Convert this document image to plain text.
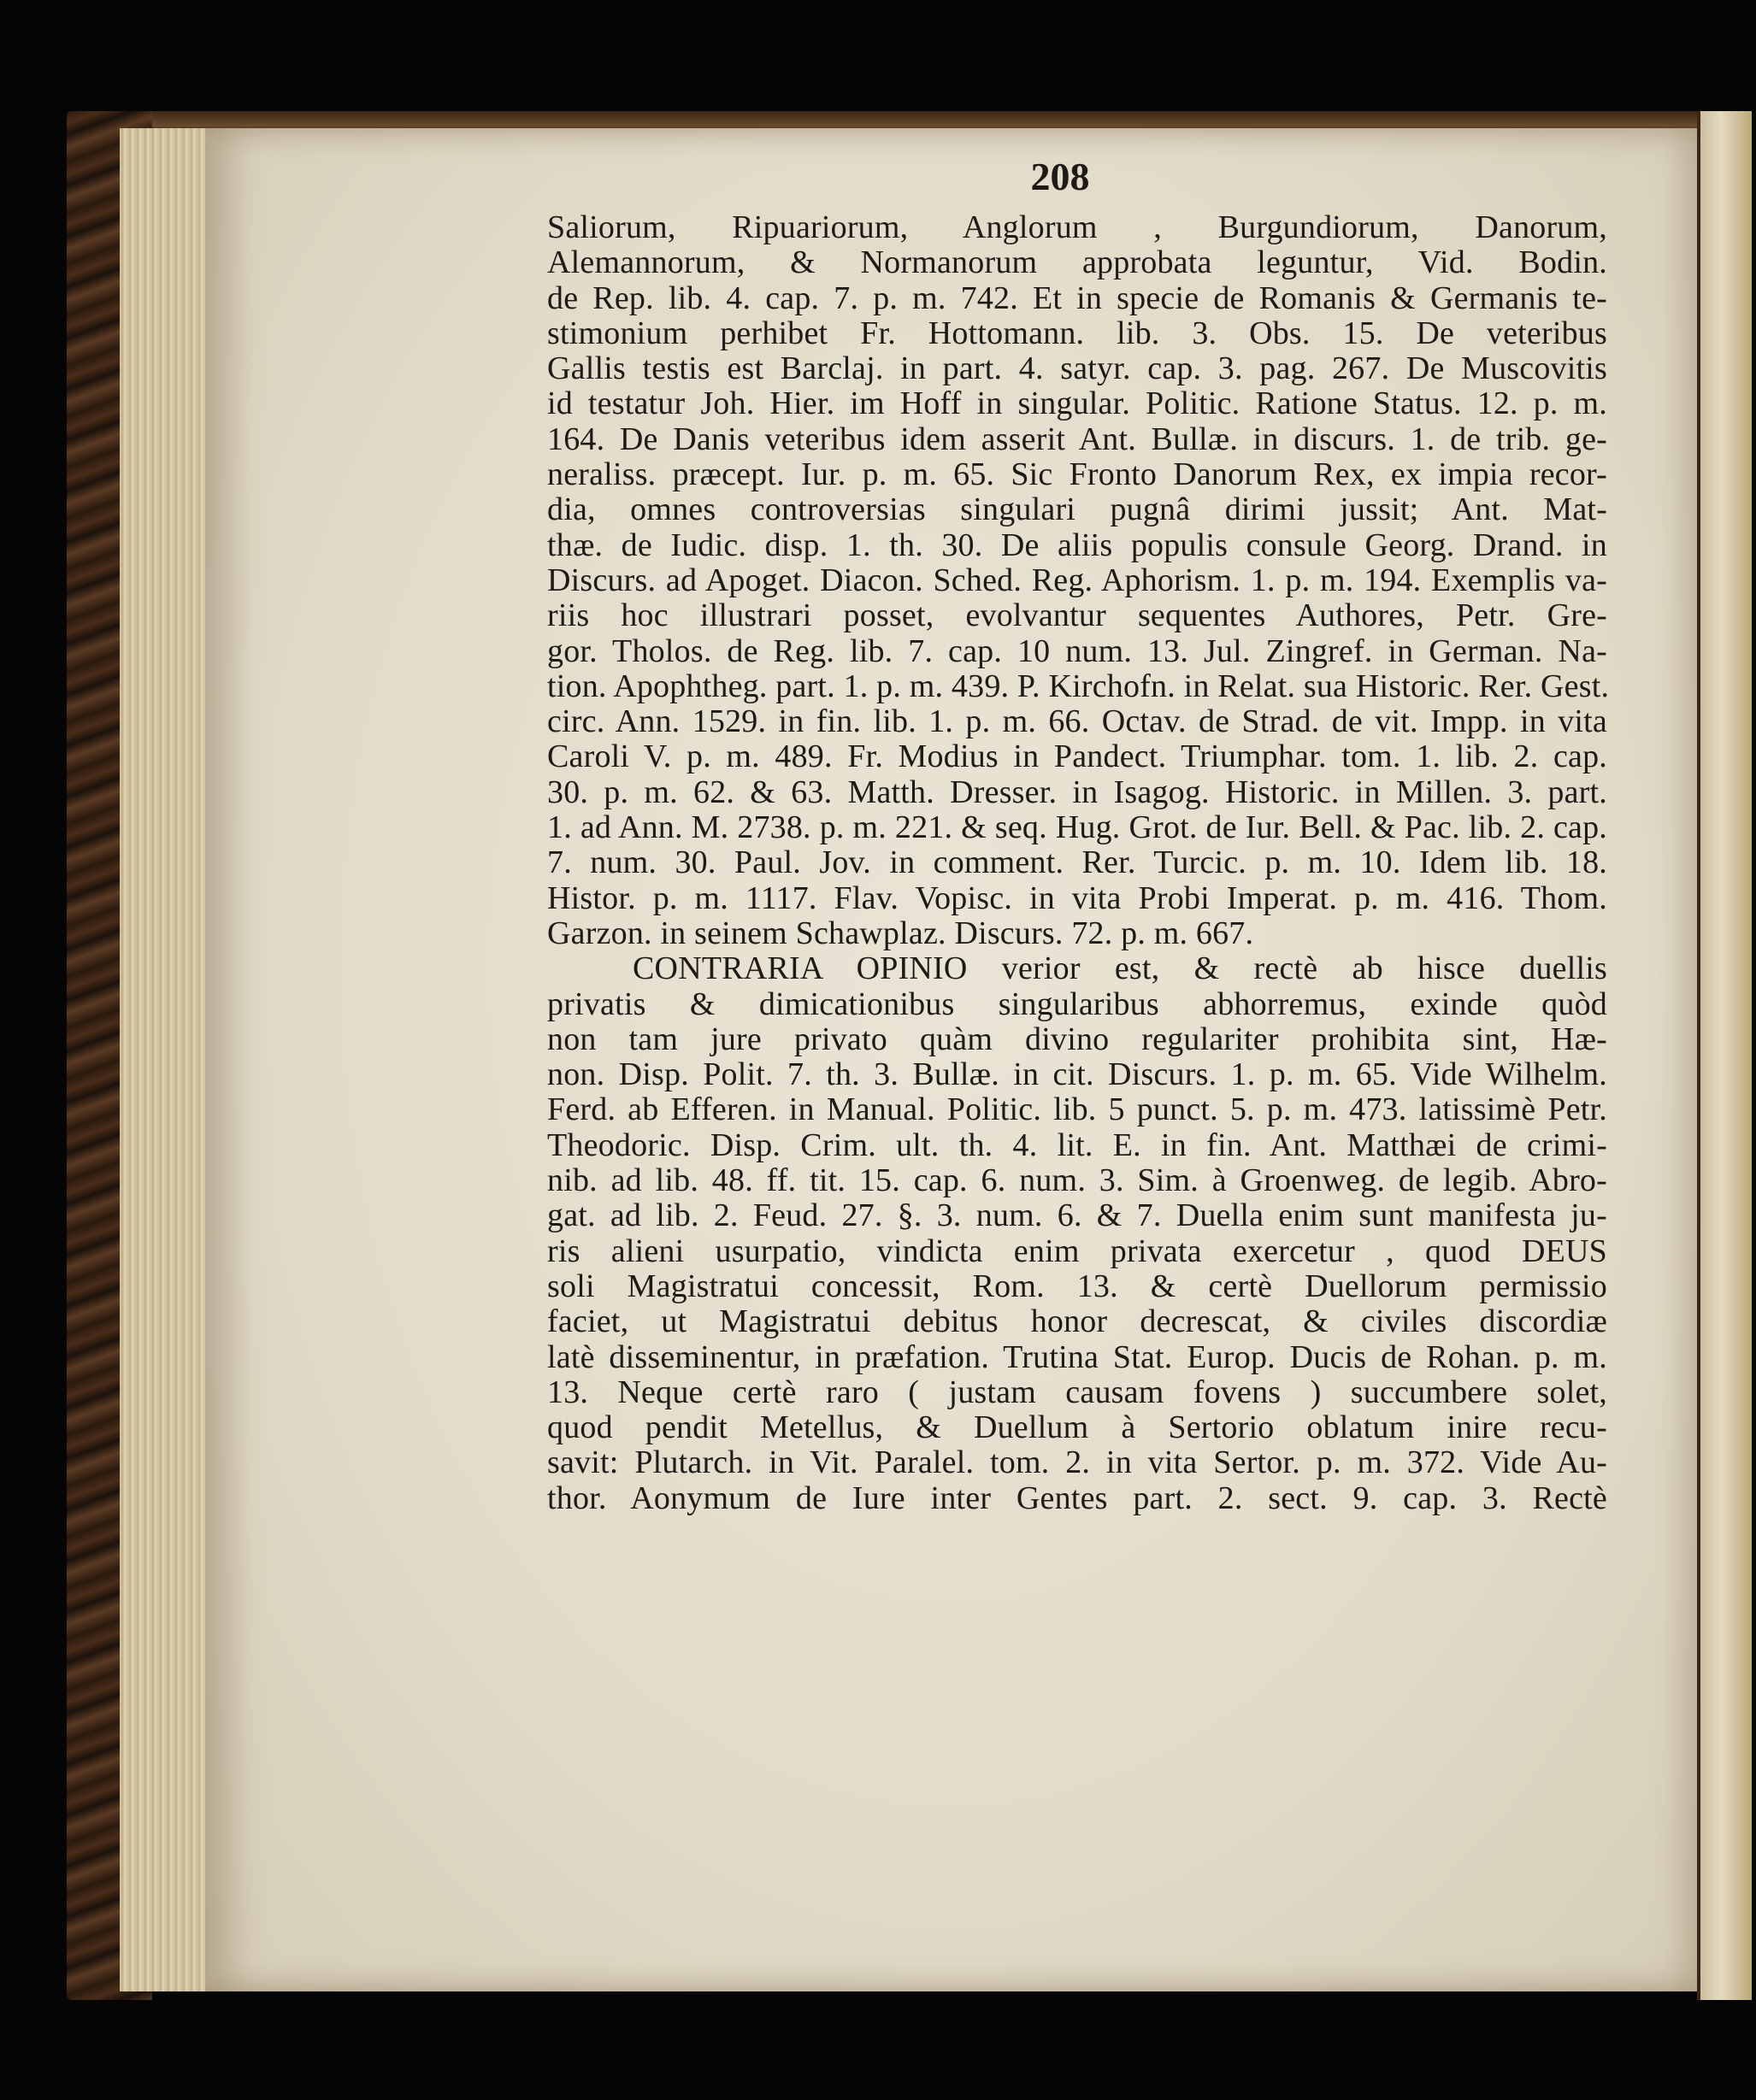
208
Saliorum, Ripuariorum, Anglorum , Burgundiorum, Danorum,
Alemannorum, & Normanorum approbata leguntur, Vid. Bodin.
de Rep. lib. 4. cap. 7. p. m. 742. Et in specie de Romanis & Germanis te-
stimonium perhibet Fr. Hottomann. lib. 3. Obs. 15. De veteribus
Gallis testis est Barclaj. in part. 4. satyr. cap. 3. pag. 267. De Muscovitis
id testatur Joh. Hier. im Hoff in singular. Politic. Ratione Status. 12. p. m.
164. De Danis veteribus idem asserit Ant. Bullæ. in discurs. 1. de trib. ge-
neraliss. præcept. Iur. p. m. 65. Sic Fronto Danorum Rex, ex impia recor-
dia, omnes controversias singulari pugnâ dirimi jussit; Ant. Mat-
thæ. de Iudic. disp. 1. th. 30. De aliis populis consule Georg. Drand. in
Discurs. ad Apoget. Diacon. Sched. Reg. Aphorism. 1. p. m. 194. Exemplis va-
riis hoc illustrari posset, evolvantur sequentes Authores, Petr. Gre-
gor. Tholos. de Reg. lib. 7. cap. 10 num. 13. Jul. Zingref. in German. Na-
tion. Apophtheg. part. 1. p. m. 439. P. Kirchofn. in Relat. sua Historic. Rer. Gest.
circ. Ann. 1529. in fin. lib. 1. p. m. 66. Octav. de Strad. de vit. Impp. in vita
Caroli V. p. m. 489. Fr. Modius in Pandect. Triumphar. tom. 1. lib. 2. cap.
30. p. m. 62. & 63. Matth. Dresser. in Isagog. Historic. in Millen. 3. part.
1. ad Ann. M. 2738. p. m. 221. & seq. Hug. Grot. de Iur. Bell. & Pac. lib. 2. cap.
7. num. 30. Paul. Jov. in comment. Rer. Turcic. p. m. 10. Idem lib. 18.
Histor. p. m. 1117. Flav. Vopisc. in vita Probi Imperat. p. m. 416. Thom.
Garzon. in seinem Schawplaz. Discurs. 72. p. m. 667.
CONTRARIA OPINIO verior est, & rectè ab hisce duellis
privatis & dimicationibus singularibus abhorremus, exinde quòd
non tam jure privato quàm divino regulariter prohibita sint, Hæ-
non. Disp. Polit. 7. th. 3. Bullæ. in cit. Discurs. 1. p. m. 65. Vide Wilhelm.
Ferd. ab Efferen. in Manual. Politic. lib. 5 punct. 5. p. m. 473. latissimè Petr.
Theodoric. Disp. Crim. ult. th. 4. lit. E. in fin. Ant. Matthæi de crimi-
nib. ad lib. 48. ff. tit. 15. cap. 6. num. 3. Sim. à Groenweg. de legib. Abro-
gat. ad lib. 2. Feud. 27. §. 3. num. 6. & 7. Duella enim sunt manifesta ju-
ris alieni usurpatio, vindicta enim privata exercetur , quod DEUS
soli Magistratui concessit, Rom. 13. & certè Duellorum permissio
faciet, ut Magistratui debitus honor decrescat, & civiles discordiæ
latè disseminentur, in præfation. Trutina Stat. Europ. Ducis de Rohan. p. m.
13. Neque certè raro ( justam causam fovens ) succumbere solet,
quod pendit Metellus, & Duellum à Sertorio oblatum inire recu-
savit: Plutarch. in Vit. Paralel. tom. 2. in vita Sertor. p. m. 372. Vide Au-
thor. Aonymum de Iure inter Gentes part. 2. sect. 9. cap. 3. Rectè
